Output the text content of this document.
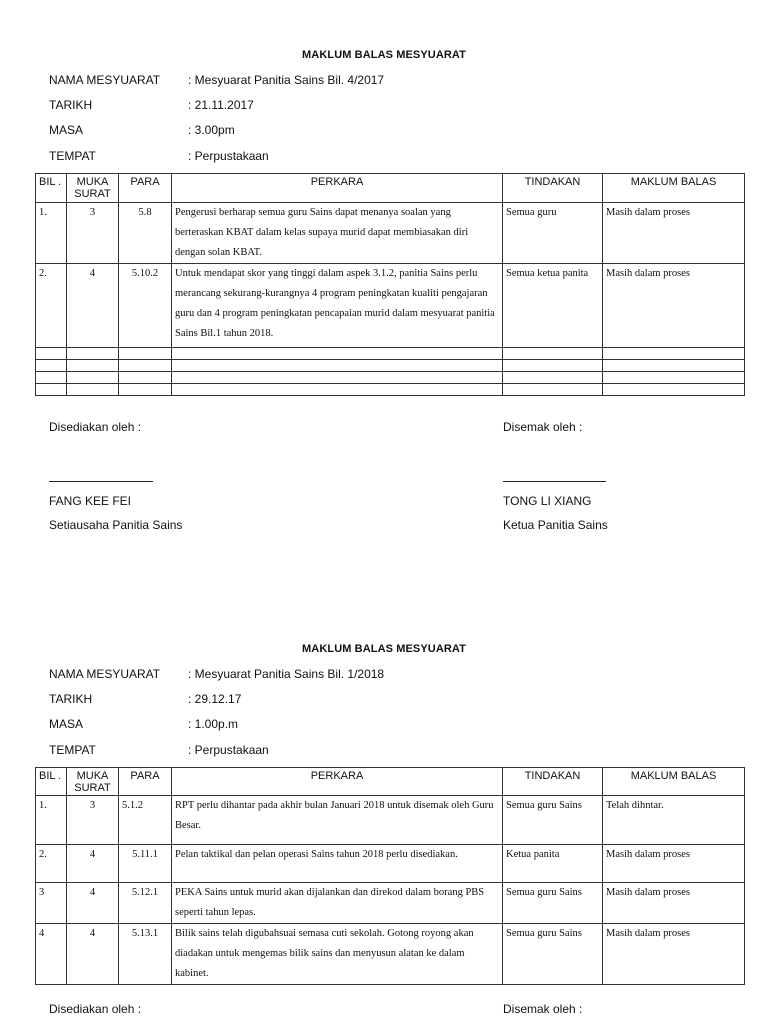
MAKLUM BALAS MESYUARAT
NAMA MESYUARAT : Mesyuarat Panitia Sains Bil. 4/2017
TARIKH	: 21.11.2017
MASA	: 3.00pm
TEMPAT	: Perpustakaan
BIL .	MUKA SURAT	PARA	PERKARA	TINDAKAN	MAKLUM BALAS
1.	3	5.8	Pengerusi berharap semua guru Sains dapat menanya soalan yang berteraskan KBAT dalam kelas supaya murid dapat membiasakan diri dengan solan KBAT.	Semua guru	Masih dalam proses
2.	4	5.10.2	Untuk mendapat skor yang tinggi dalam aspek 3.1.2, panitia Sains perlu merancang sekurang-kurangnya 4 program peningkatan kualiti pengajaran guru dan 4 program peningkatan pencapaian murid dalam mesyuarat panitia Sains Bil.1 tahun 2018.	Semua ketua panita	Masih dalam proses

Disediakan oleh :	Disemak oleh :
FANG KEE FEI	TONG LI XIANG
Setiausaha Panitia Sains	Ketua Panitia Sains
MAKLUM BALAS MESYUARAT
NAMA MESYUARAT : Mesyuarat Panitia Sains Bil. 1/2018
TARIKH	: 29.12.17
MASA	: 1.00p.m
TEMPAT	: Perpustakaan
BIL .	MUKA SURAT	PARA	PERKARA	TINDAKAN	MAKLUM BALAS
1.	3	5.1.2	RPT perlu dihantar pada akhir bulan Januari 2018 untuk disemak oleh Guru Besar.	Semua guru Sains	Telah dihntar.
2.	4	5.11.1	Pelan taktikal dan pelan operasi Sains tahun 2018 perlu disediakan.	Ketua panita	Masih dalam proses
3	4	5.12.1	PEKA Sains untuk murid akan dijalankan dan direkod dalam borang PBS seperti tahun lepas.	Semua guru Sains	Masih dalam proses
4	4	5.13.1	Bilik sains telah digubahsuai semasa cuti sekolah. Gotong royong akan diadakan untuk mengemas bilik sains dan menyusun alatan ke dalam kabinet.	Semua guru Sains	Masih dalam proses
Disediakan oleh :	Disemak oleh :
